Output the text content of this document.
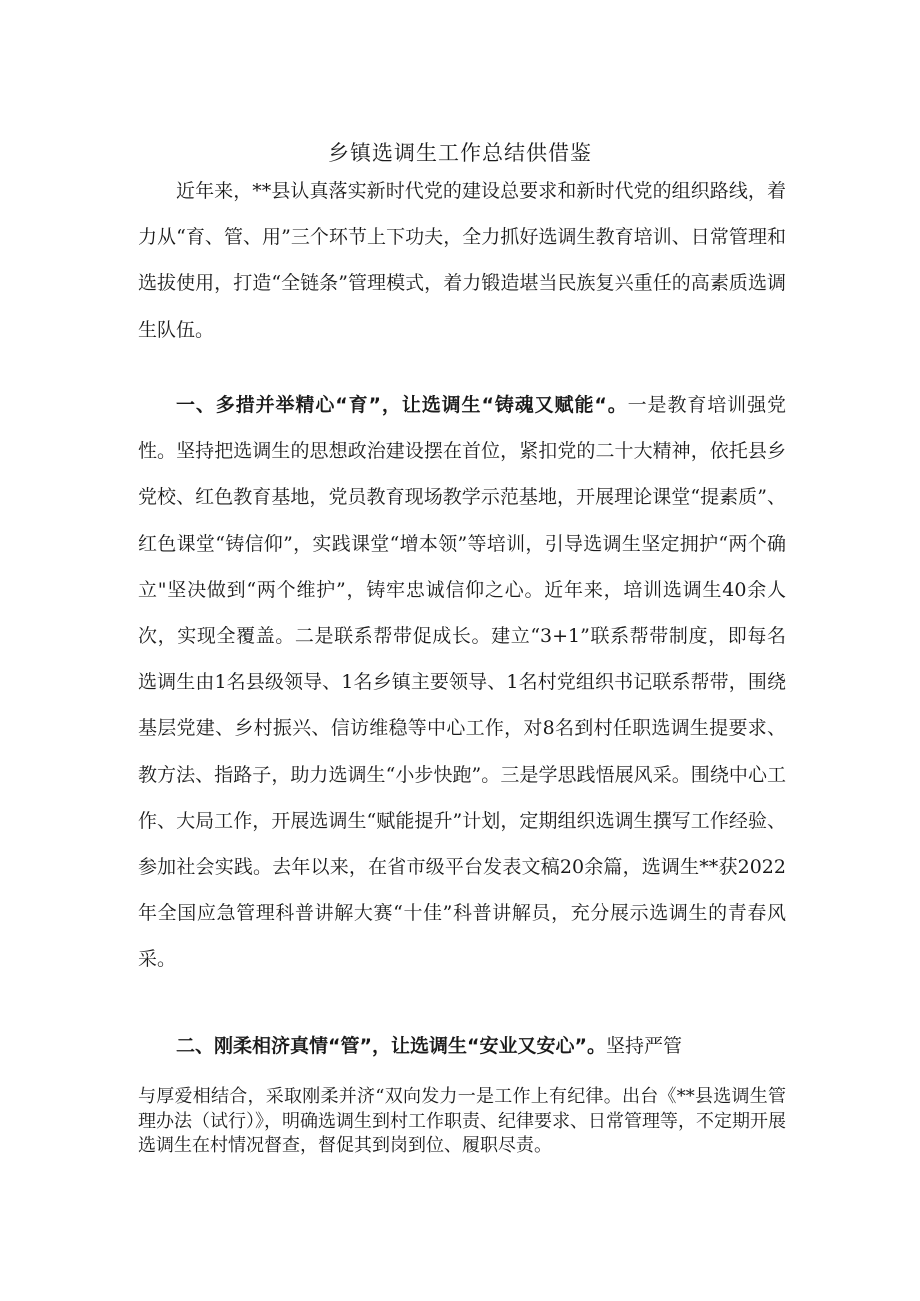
乡镇选调生工作总结供借鉴

近年来，**县认真落实新时代党的建设总要求和新时代党的组织路线，着力从“育、管、用”三个环节上下功夫，全力抓好选调生教育培训、日常管理和选拔使用，打造“全链条”管理模式，着力锻造堪当民族复兴重任的高素质选调生队伍。

一、多措并举精心“育”，让选调生“铸魂又赋能“。一是教育培训强党性。坚持把选调生的思想政治建设摆在首位，紧扣党的二十大精神，依托县乡党校、红色教育基地，党员教育现场教学示范基地，开展理论课堂“提素质”、红色课堂“铸信仰”，实践课堂“增本领”等培训，引导选调生坚定拥护“两个确立"坚决做到“两个维护”，铸牢忠诚信仰之心。近年来，培训选调生40余人次，实现全覆盖。二是联系帮带促成长。建立“3+1”联系帮带制度，即每名选调生由1名县级领导、1名乡镇主要领导、1名村党组织书记联系帮带，围绕基层党建、乡村振兴、信访维稳等中心工作，对8名到村任职选调生提要求、教方法、指路子，助力选调生“小步快跑”。三是学思践悟展风采。围绕中心工作、大局工作，开展选调生“赋能提升”计划，定期组织选调生撰写工作经验、参加社会实践。去年以来，在省市级平台发表文稿20余篇，选调生**获2022年全国应急管理科普讲解大赛“十佳”科普讲解员，充分展示选调生的青春风采。

二、刚柔相济真情“管”，让选调生“安业又安心”。坚持严管

与厚爱相结合，采取刚柔并济“双向发力一是工作上有纪律。出台《**县选调生管理办法（试行）》，明确选调生到村工作职责、纪律要求、日常管理等，不定期开展选调生在村情况督查，督促其到岗到位、履职尽责。
